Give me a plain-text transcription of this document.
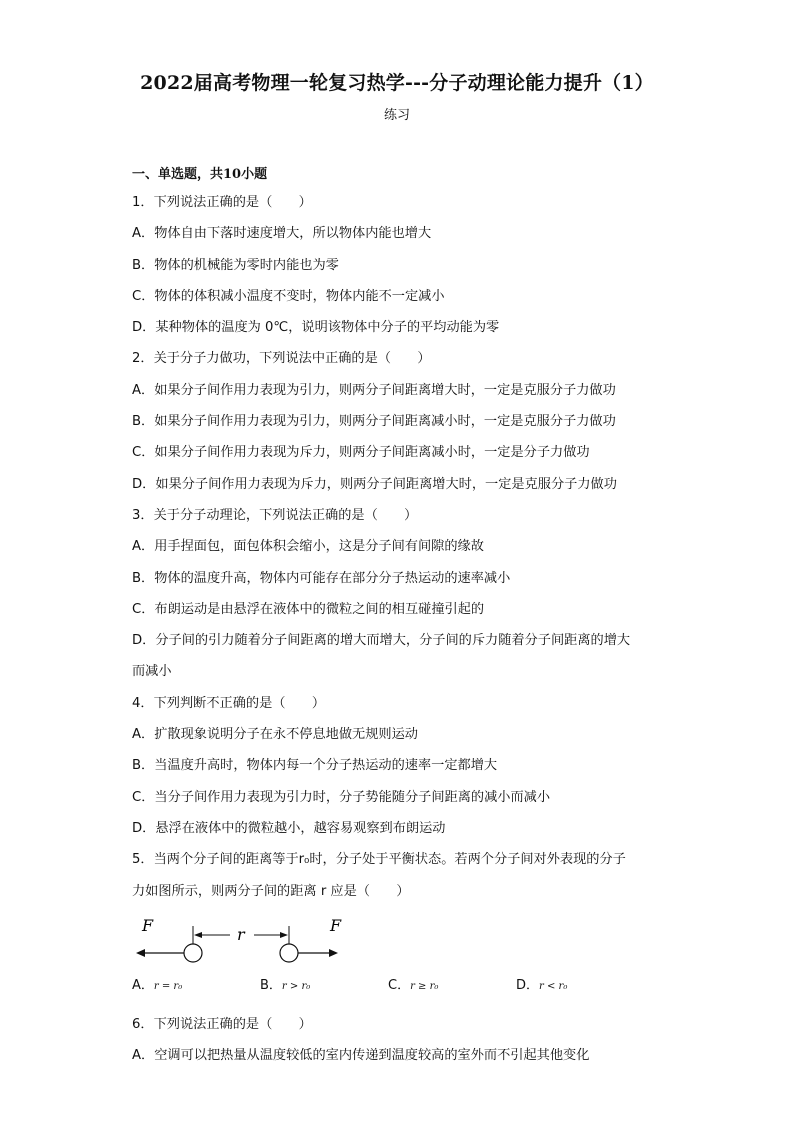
2022届高考物理一轮复习热学---分子动理论能力提升（1）
练习
一、单选题，共10小题
1．下列说法正确的是（　　）
A．物体自由下落时速度增大，所以物体内能也增大
B．物体的机械能为零时内能也为零
C．物体的体积减小温度不变时，物体内能不一定减小
D．某种物体的温度为 0℃，说明该物体中分子的平均动能为零
2．关于分子力做功，下列说法中正确的是（　　）
A．如果分子间作用力表现为引力，则两分子间距离增大时，一定是克服分子力做功
B．如果分子间作用力表现为引力，则两分子间距离减小时，一定是克服分子力做功
C．如果分子间作用力表现为斥力，则两分子间距离减小时，一定是分子力做功
D．如果分子间作用力表现为斥力，则两分子间距离增大时，一定是克服分子力做功
3．关于分子动理论，下列说法正确的是（　　）
A．用手捏面包，面包体积会缩小，这是分子间有间隙的缘故
B．物体的温度升高，物体内可能存在部分分子热运动的速率减小
C．布朗运动是由悬浮在液体中的微粒之间的相互碰撞引起的
D．分子间的引力随着分子间距离的增大而增大，分子间的斥力随着分子间距离的增大
而减小
4．下列判断不正确的是（　　）
A．扩散现象说明分子在永不停息地做无规则运动
B．当温度升高时，物体内每一个分子热运动的速率一定都增大
C．当分子间作用力表现为引力时，分子势能随分子间距离的减小而减小
D．悬浮在液体中的微粒越小，越容易观察到布朗运动
5．当两个分子间的距离等于r₀时，分子处于平衡状态。若两个分子间对外表现的分子
力如图所示，则两分子间的距离 r 应是（　　）
F	r	F
A．r = r₀	B．r > r₀	C．r ≥ r₀	D．r < r₀
6．下列说法正确的是（　　）
A．空调可以把热量从温度较低的室内传递到温度较高的室外而不引起其他变化
